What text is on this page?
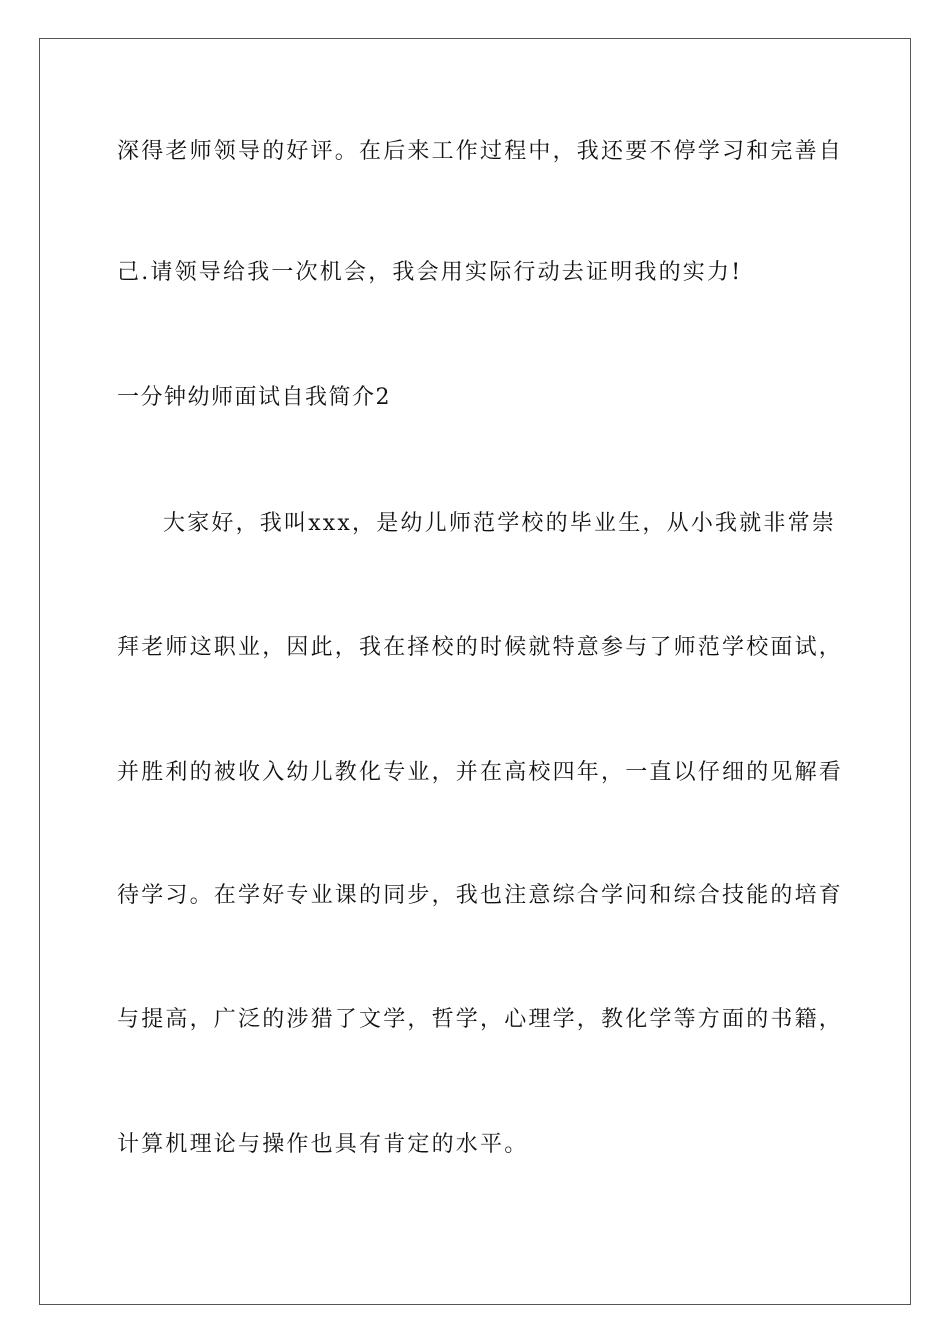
深得老师领导的好评。在后来工作过程中，我还要不停学习和完善自
己.请领导给我一次机会，我会用实际行动去证明我的实力!
一分钟幼师面试自我简介2
大家好，我叫xxx，是幼儿师范学校的毕业生，从小我就非常崇
拜老师这职业，因此，我在择校的时候就特意参与了师范学校面试，
并胜利的被收入幼儿教化专业，并在高校四年，一直以仔细的见解看
待学习。在学好专业课的同步，我也注意综合学问和综合技能的培育
与提高，广泛的涉猎了文学，哲学，心理学，教化学等方面的书籍，
计算机理论与操作也具有肯定的水平。
